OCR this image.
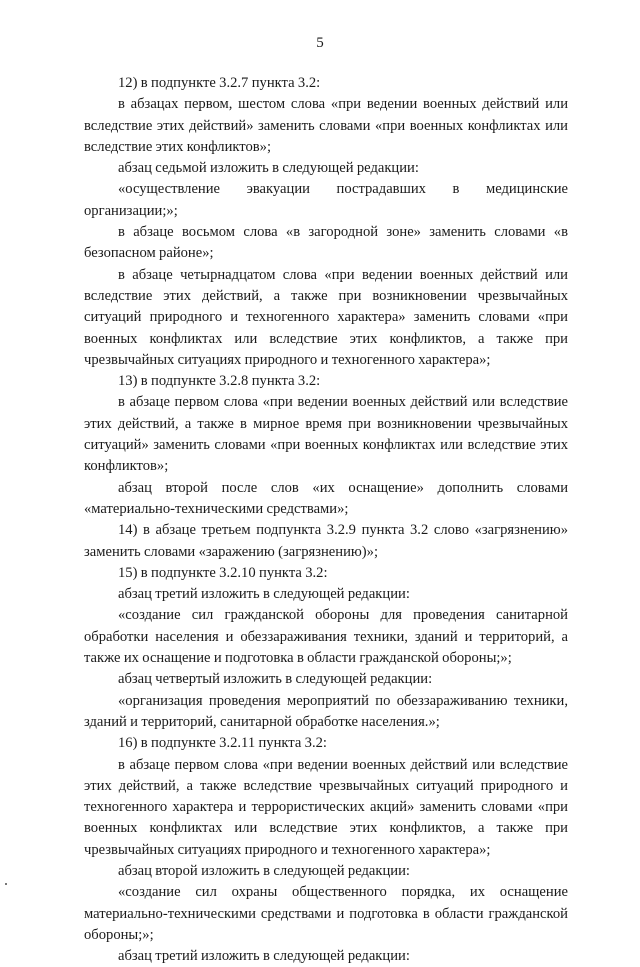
5

12) в подпункте 3.2.7 пункта 3.2:

в абзацах первом, шестом слова «при ведении военных действий или вследствие этих действий» заменить словами «при военных конфликтах или вследствие этих конфликтов»;

абзац седьмой изложить в следующей редакции:

«осуществление эвакуации пострадавших в медицинские организации;»;

в абзаце восьмом слова «в загородной зоне» заменить словами «в безопасном районе»;

в абзаце четырнадцатом слова «при ведении военных действий или вследствие этих действий, а также при возникновении чрезвычайных ситуаций природного и техногенного характера» заменить словами «при военных конфликтах или вследствие этих конфликтов, а также при чрезвычайных ситуациях природного и техногенного характера»;

13) в подпункте 3.2.8 пункта 3.2:

в абзаце первом слова «при ведении военных действий или вследствие этих действий, а также в мирное время при возникновении чрезвычайных ситуаций» заменить словами «при военных конфликтах или вследствие этих конфликтов»;

абзац второй после слов «их оснащение» дополнить словами «материально-техническими средствами»;

14) в абзаце третьем подпункта 3.2.9 пункта 3.2 слово «загрязнению» заменить словами «заражению (загрязнению)»;

15) в подпункте 3.2.10 пункта 3.2:

абзац третий изложить в следующей редакции:

«создание сил гражданской обороны для проведения санитарной обработки населения и обеззараживания техники, зданий и территорий, а также их оснащение и подготовка в области гражданской обороны;»;

абзац четвертый изложить в следующей редакции:

«организация проведения мероприятий по обеззараживанию техники, зданий и территорий, санитарной обработке населения.»;

16) в подпункте 3.2.11 пункта 3.2:

в абзаце первом слова «при ведении военных действий или вследствие этих действий, а также вследствие чрезвычайных ситуаций природного и техногенного характера и террористических акций» заменить словами «при военных конфликтах или вследствие этих конфликтов, а также при чрезвычайных ситуациях природного и техногенного характера»;

абзац второй изложить в следующей редакции:

«создание сил охраны общественного порядка, их оснащение материально-техническими средствами и подготовка в области гражданской обороны;»;

абзац третий изложить в следующей редакции:
